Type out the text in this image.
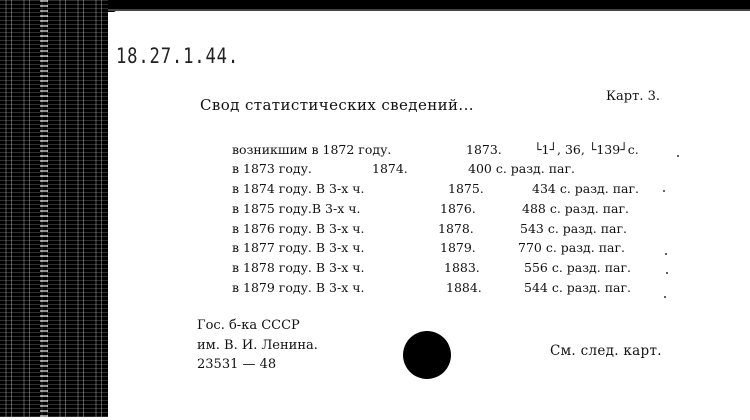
18.27.1.44.
Карт. 3.
Свод статистических сведений...
возникшим в 1872 году.	1873.	└1┘, 36, └139┘с.
в 1873 году.	1874.	400 с. разд. паг.
в 1874 году. В 3-х ч.	1875.	434 с. разд. паг.
в 1875 году.В 3-х ч.	1876.	488 с. разд. паг.
в 1876 году. В 3-х ч.	1878.	543 с. разд. паг.
в 1877 году. В 3-х ч.	1879.	770 с. разд. паг.
в 1878 году. В 3-х ч.	1883.	556 с. разд. паг.
в 1879 году. В 3-х ч.	1884.	544 с. разд. паг.
Гос. б-ка СССР
им. В. И. Ленина.
23531 — 48
См. след. карт.
